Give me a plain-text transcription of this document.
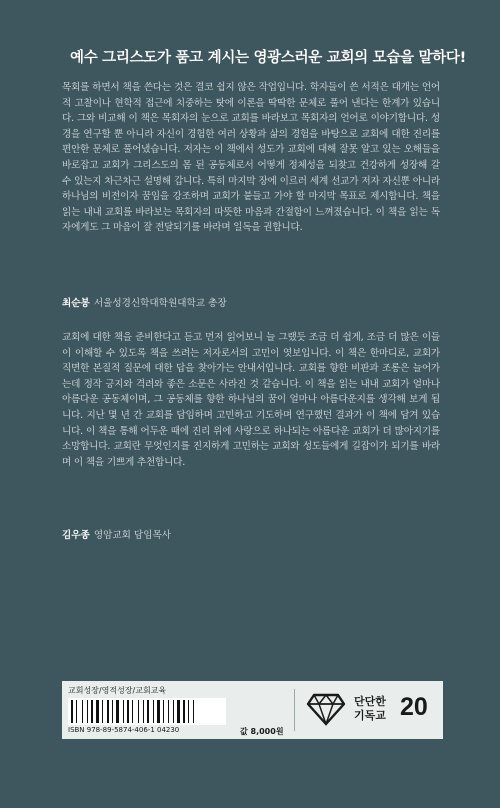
예수 그리스도가 품고 계시는 영광스러운 교회의 모습을 말하다!

목회를 하면서 책을 쓴다는 것은 결코 쉽지 않은 작업입니다. 학자들이 쓴 서적은 대개는 언어적 고찰이나 현학적 접근에 치중하는 탓에 이론을 딱딱한 문체로 풀어 낸다는 한계가 있습니다. 그와 비교해 이 책은 목회자의 눈으로 교회를 바라보고 목회자의 언어로 이야기합니다. 성경을 연구할 뿐 아니라 자신이 경험한 여러 상황과 삶의 경험을 바탕으로 교회에 대한 진리를 편안한 문체로 풀어냈습니다. 저자는 이 책에서 성도가 교회에 대해 잘못 알고 있는 오해들을 바로잡고 교회가 그리스도의 몸 된 공동체로서 어떻게 정체성을 되찾고 건강하게 성장해 갈 수 있는지 차근차근 설명해 갑니다. 특히 마지막 장에 이르러 세계 선교가 저자 자신뿐 아니라 하나님의 비전이자 꿈임을 강조하며 교회가 붙들고 가야 할 마지막 목표로 제시합니다. 책을 읽는 내내 교회를 바라보는 목회자의 따뜻한 마음과 간절함이 느껴졌습니다. 이 책을 읽는 독자에게도 그 마음이 잘 전달되기를 바라며 일독을 권합니다.

최순봉 서울성경신학대학원대학교 총장

교회에 대한 책을 준비한다고 듣고 먼저 읽어보니 늘 그랬듯 조금 더 쉽게, 조금 더 많은 이들이 이해할 수 있도록 책을 쓰려는 저자로서의 고민이 엿보입니다. 이 책은 한마디로, 교회가 직면한 본질적 질문에 대한 답을 찾아가는 안내서입니다. 교회를 향한 비판과 조롱은 늘어가는데 정작 긍지와 격려와 좋은 소문은 사라진 것 같습니다. 이 책을 읽는 내내 교회가 얼마나 아름다운 공동체이며, 그 공동체를 향한 하나님의 꿈이 얼마나 아름다운지를 생각해 보게 됩니다. 지난 몇 년 간 교회를 담임하며 고민하고 기도하며 연구했던 결과가 이 책에 담겨 있습니다. 이 책을 통해 어두운 때에 진리 위에 사랑으로 하나되는 아름다운 교회가 더 많아지기를 소망합니다. 교회란 무엇인지를 진지하게 고민하는 교회와 성도들에게 길잡이가 되기를 바라며 이 책을 기쁘게 추천합니다.

김우종 영암교회 담임목사
교회성장/영적성장/교회교육
ISBN 978-89-5874-406-1 04230	값 8,000원
단단한
기독교 20
